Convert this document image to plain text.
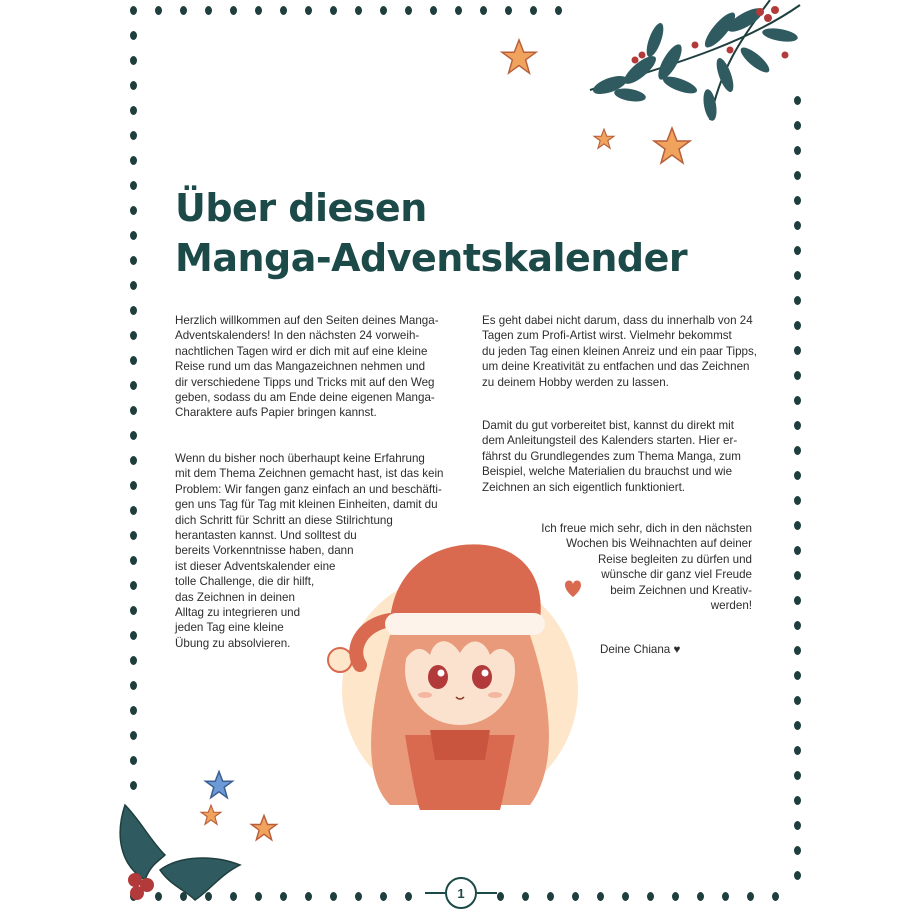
Über diesen
Manga-Adventskalender

Herzlich willkommen auf den Seiten deines Manga-
Adventskalenders! In den nächsten 24 vorweih-
nachtlichen Tagen wird er dich mit auf eine kleine
Reise rund um das Mangazeichnen nehmen und
dir verschiedene Tipps und Tricks mit auf den Weg
geben, sodass du am Ende deine eigenen Manga-
Charaktere aufs Papier bringen kannst.

Wenn du bisher noch überhaupt keine Erfahrung
mit dem Thema Zeichnen gemacht hast, ist das kein
Problem: Wir fangen ganz einfach an und beschäfti-
gen uns Tag für Tag mit kleinen Einheiten, damit du
dich Schritt für Schritt an diese Stilrichtung
herantasten kannst. Und solltest du
bereits Vorkenntnisse haben, dann
ist dieser Adventskalender eine
tolle Challenge, die dir hilft,
das Zeichnen in deinen
Alltag zu integrieren und
jeden Tag eine kleine
Übung zu absolvieren.

Es geht dabei nicht darum, dass du innerhalb von 24
Tagen zum Profi-Artist wirst. Vielmehr bekommst
du jeden Tag einen kleinen Anreiz und ein paar Tipps,
um deine Kreativität zu entfachen und das Zeichnen
zu deinem Hobby werden zu lassen.

Damit du gut vorbereitet bist, kannst du direkt mit
dem Anleitungsteil des Kalenders starten. Hier er-
fährst du Grundlegendes zum Thema Manga, zum
Beispiel, welche Materialien du brauchst und wie
Zeichnen an sich eigentlich funktioniert.

Ich freue mich sehr, dich in den nächsten
Wochen bis Weihnachten auf deiner
Reise begleiten zu dürfen und
wünsche dir ganz viel Freude
beim Zeichnen und Kreativ-
werden!

Deine Chiana ♥
1
